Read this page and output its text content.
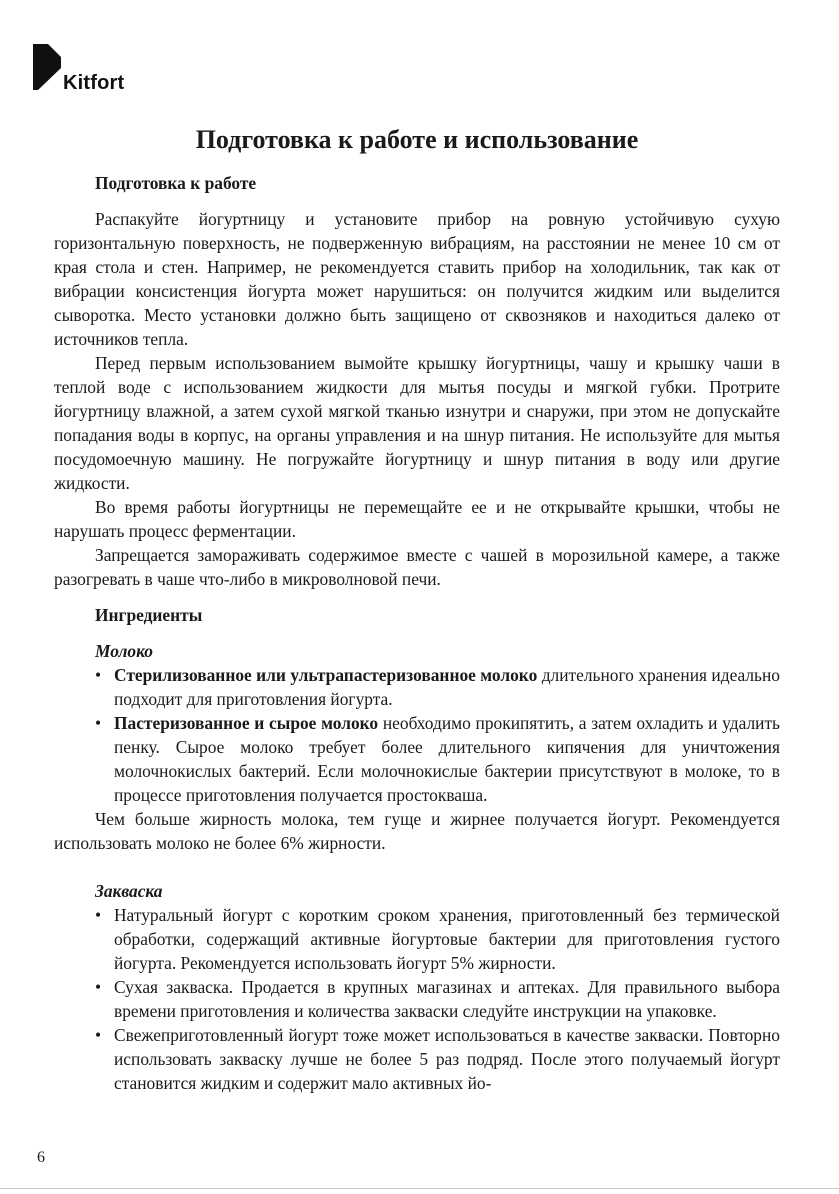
Kitfort
Подготовка к работе и использование
Подготовка к работе

Распакуйте йогуртницу и установите прибор на ровную устойчивую сухую горизонтальную поверхность, не подверженную вибрациям, на расстоянии не менее 10 см от края стола и стен. Например, не рекомендуется ставить прибор на холодильник, так как от вибрации консистенция йогурта может нарушиться: он получится жидким или выделится сыворотка. Место установки должно быть защищено от сквозняков и находиться далеко от источников тепла.

Перед первым использованием вымойте крышку йогуртницы, чашу и крышку чаши в теплой воде с использованием жидкости для мытья посуды и мягкой губки. Протрите йогуртницу влажной, а затем сухой мягкой тканью изнутри и снаружи, при этом не допускайте попадания воды в корпус, на органы управления и на шнур питания. Не используйте для мытья посудомоечную машину. Не погружайте йогуртницу и шнур питания в воду или другие жидкости.

Во время работы йогуртницы не перемещайте ее и не открывайте крышки, чтобы не нарушать процесс ферментации.

Запрещается замораживать содержимое вместе с чашей в морозильной камере, а также разогревать в чаше что-либо в микроволновой печи.

Ингредиенты
Молоко
• Стерилизованное или ультрапастеризованное молоко длительного хранения идеально подходит для приготовления йогурта.
• Пастеризованное и сырое молоко необходимо прокипятить, а затем охладить и удалить пенку. Сырое молоко требует более длительного кипячения для уничтожения молочнокислых бактерий. Если молочнокислые бактерии присутствуют в молоке, то в процессе приготовления получается простокваша.

Чем больше жирность молока, тем гуще и жирнее получается йогурт. Рекомендуется использовать молоко не более 6% жирности.

Закваска
• Натуральный йогурт с коротким сроком хранения, приготовленный без термической обработки, содержащий активные йогуртовые бактерии для приготовления густого йогурта. Рекомендуется использовать йогурт 5% жирности.
• Сухая закваска. Продается в крупных магазинах и аптеках. Для правильного выбора времени приготовления и количества закваски следуйте инструкции на упаковке.
• Свежеприготовленный йогурт тоже может использоваться в качестве закваски. Повторно использовать закваску лучше не более 5 раз подряд. После этого получаемый йогурт становится жидким и содержит мало активных йо-
6
